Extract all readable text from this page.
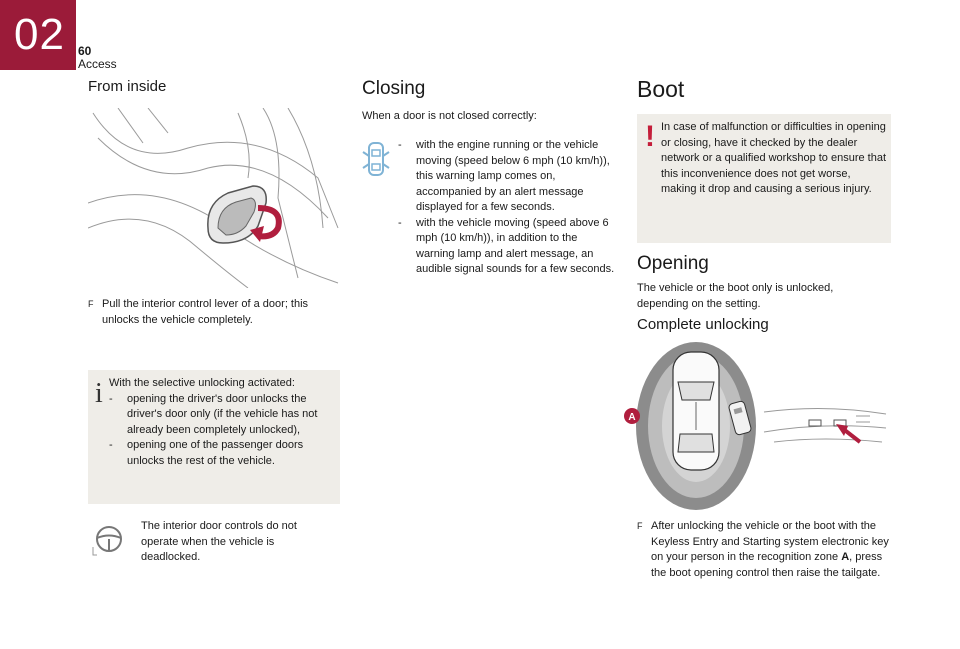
02 60
Access
From inside
F Pull the interior control lever of a door; this unlocks the vehicle completely.
i With the selective unlocking activated:
-	opening the driver's door unlocks the driver's door only (if the vehicle has not already been completely unlocked),
-	opening one of the passenger doors unlocks the rest of the vehicle.
The interior door controls do not operate when the vehicle is deadlocked.
Closing
When a door is not closed correctly:
-	with the engine running or the vehicle moving (speed below 6 mph (10 km/h)), this warning lamp comes on, accompanied by an alert message displayed for a few seconds.
-	with the vehicle moving (speed above 6 mph (10 km/h)), in addition to the warning lamp and alert message, an audible signal sounds for a few seconds.
Boot
! In case of malfunction or difficulties in opening or closing, have it checked by the dealer network or a qualified workshop to ensure that this inconvenience does not get worse, making it drop and causing a serious injury.
Opening
The vehicle or the boot only is unlocked, depending on the setting.
Complete unlocking
A
F After unlocking the vehicle or the boot with the Keyless Entry and Starting system electronic key on your person in the recognition zone A, press the boot opening control then raise the tailgate.
